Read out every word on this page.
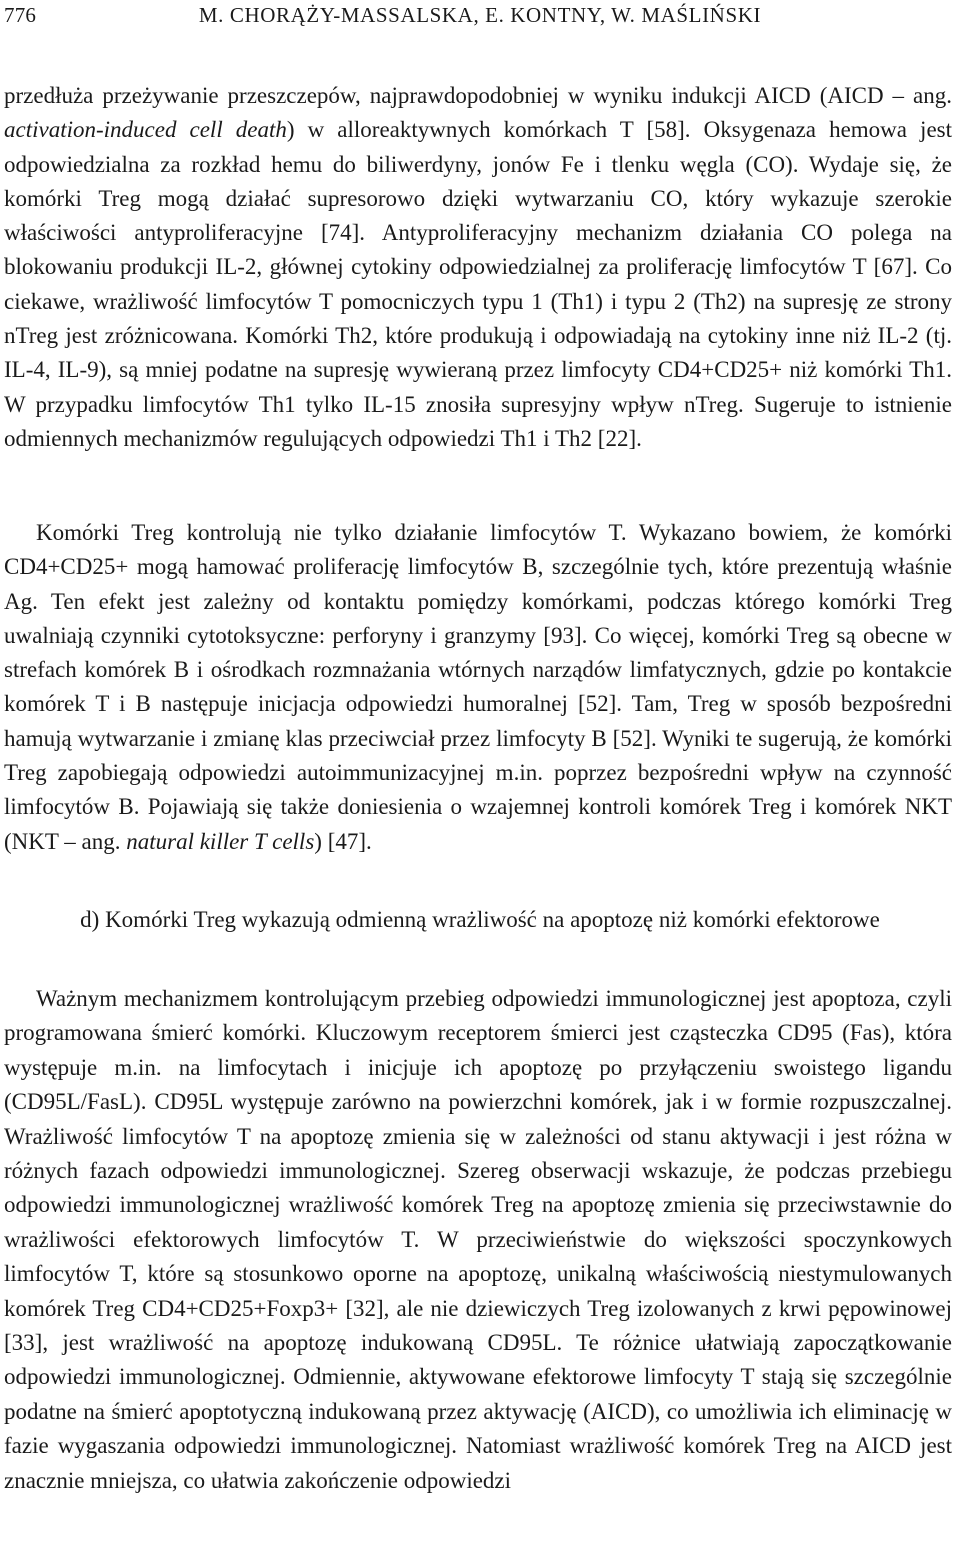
776	M. CHORĄŻY-MASSALSKA, E. KONTNY, W. MAŚLIŃSKI

przedłuża przeżywanie przeszczepów, najprawdopodobniej w wyniku indukcji AICD (AICD – ang. activation-induced cell death) w alloreaktywnych komórkach T [58]. Oksygenaza hemowa jest odpowiedzialna za rozkład hemu do biliwerdyny, jonów Fe i tlenku węgla (CO). Wydaje się, że komórki Treg mogą działać supresorowo dzięki wytwarzaniu CO, który wykazuje szerokie właściwości antyproliferacyjne [74]. Antyproliferacyjny mechanizm działania CO polega na blokowaniu produkcji IL-2, głównej cytokiny odpowiedzialnej za proliferację limfocytów T [67]. Co ciekawe, wrażliwość limfocytów T pomocniczych typu 1 (Th1) i typu 2 (Th2) na supresję ze strony nTreg jest zróżnicowana. Komórki Th2, które produkują i odpowiadają na cytokiny inne niż IL-2 (tj. IL-4, IL-9), są mniej podatne na supresję wywieraną przez limfocyty CD4+CD25+ niż komórki Th1. W przypadku limfocytów Th1 tylko IL-15 znosiła supresyjny wpływ nTreg. Sugeruje to istnienie odmiennych mechanizmów regulujących odpowiedzi Th1 i Th2 [22].

Komórki Treg kontrolują nie tylko działanie limfocytów T. Wykazano bowiem, że komórki CD4+CD25+ mogą hamować proliferację limfocytów B, szczególnie tych, które prezentują właśnie Ag. Ten efekt jest zależny od kontaktu pomiędzy komórkami, podczas którego komórki Treg uwalniają czynniki cytotoksyczne: perforyny i granzymy [93]. Co więcej, komórki Treg są obecne w strefach komórek B i ośrodkach rozmnażania wtórnych narządów limfatycznych, gdzie po kontakcie komórek T i B następuje inicjacja odpowiedzi humoralnej [52]. Tam, Treg w sposób bezpośredni hamują wytwarzanie i zmianę klas przeciwciał przez limfocyty B [52]. Wyniki te sugerują, że komórki Treg zapobiegają odpowiedzi autoimmunizacyjnej m.in. poprzez bezpośredni wpływ na czynność limfocytów B. Pojawiają się także doniesienia o wzajemnej kontroli komórek Treg i komórek NKT (NKT – ang. natural killer T cells) [47].

d) Komórki Treg wykazują odmienną wrażliwość na apoptozę niż komórki efektorowe

Ważnym mechanizmem kontrolującym przebieg odpowiedzi immunologicznej jest apoptoza, czyli programowana śmierć komórki. Kluczowym receptorem śmierci jest cząsteczka CD95 (Fas), która występuje m.in. na limfocytach i inicjuje ich apoptozę po przyłączeniu swoistego ligandu (CD95L/FasL). CD95L występuje zarówno na powierzchni komórek, jak i w formie rozpuszczalnej. Wrażliwość limfocytów T na apoptozę zmienia się w zależności od stanu aktywacji i jest różna w różnych fazach odpowiedzi immunologicznej. Szereg obserwacji wskazuje, że podczas przebiegu odpowiedzi immunologicznej wrażliwość komórek Treg na apoptozę zmienia się przeciwstawnie do wrażliwości efektorowych limfocytów T. W przeciwieństwie do większości spoczynkowych limfocytów T, które są stosunkowo oporne na apoptozę, unikalną właściwością niestymulowanych komórek Treg CD4+CD25+Foxp3+ [32], ale nie dziewiczych Treg izolowanych z krwi pępowinowej [33], jest wrażliwość na apoptozę indukowaną CD95L. Te różnice ułatwiają zapoczątkowanie odpowiedzi immunologicznej. Odmiennie, aktywowane efektorowe limfocyty T stają się szczególnie podatne na śmierć apoptotyczną indukowaną przez aktywację (AICD), co umożliwia ich eliminację w fazie wygaszania odpowiedzi immunologicznej. Natomiast wrażliwość komórek Treg na AICD jest znacznie mniejsza, co ułatwia zakończenie odpowiedzi
